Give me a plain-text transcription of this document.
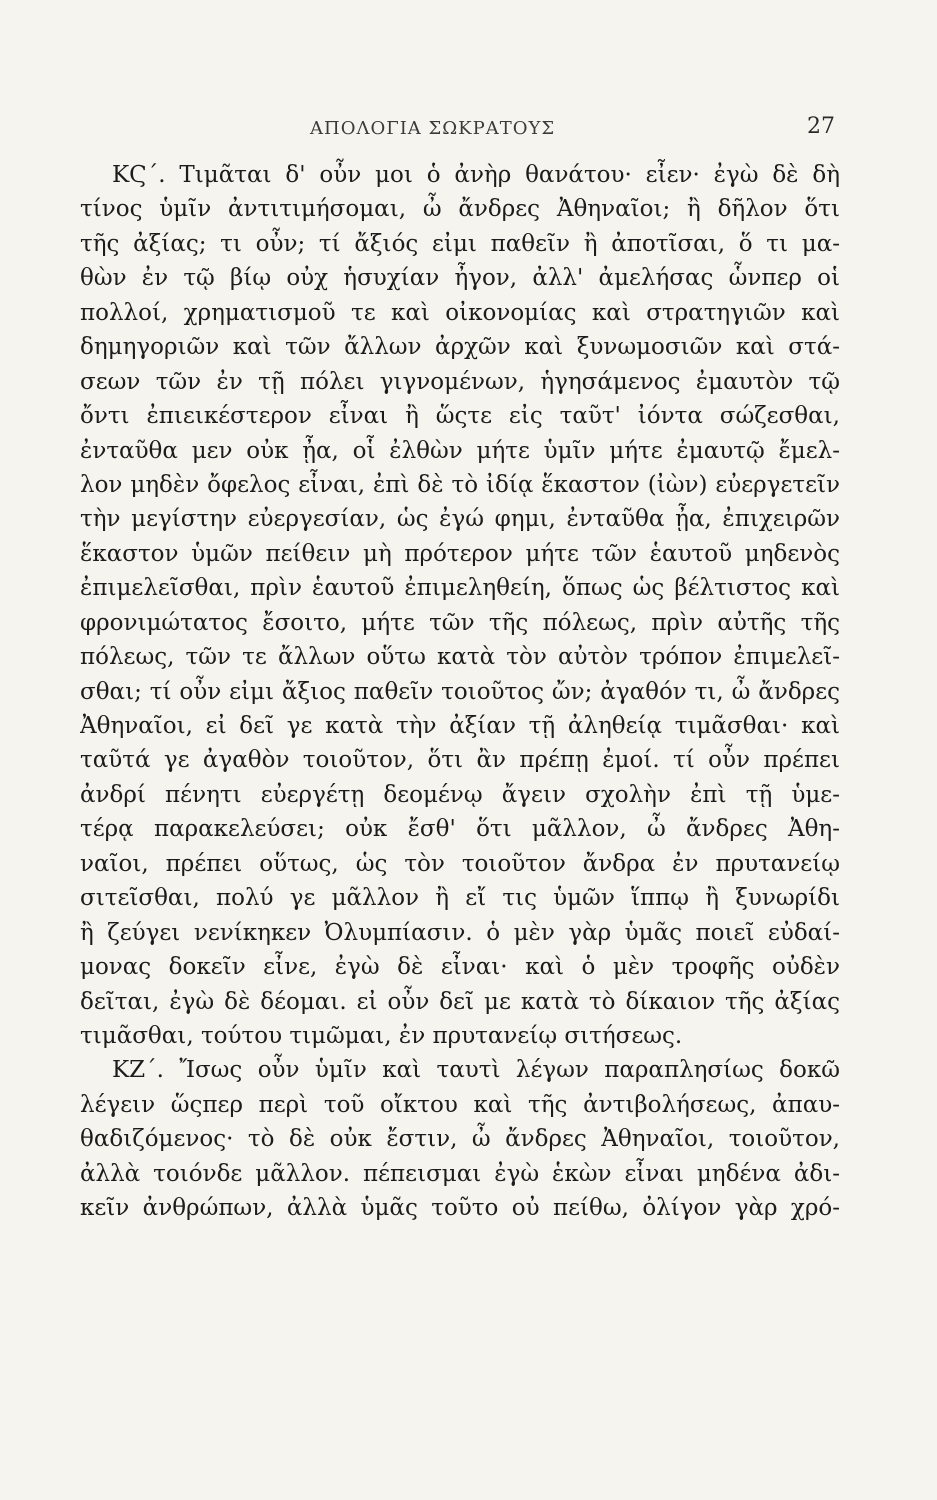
ΑΠΟΛΟΓΙΑ ΣΩΚΡΑΤΟΥΣ	27
ΚϚ΄. Τιμᾶται δ' οὖν μοι ὁ ἀνὴρ θανάτου· εἶεν· ἐγὼ δὲ δὴ
τίνος ὑμῖν ἀντιτιμήσομαι, ὦ ἄνδρες Ἀθηναῖοι; ἢ δῆλον ὅτι
τῆς ἀξίας; τι οὖν; τί ἄξιός εἰμι παθεῖν ἢ ἀποτῖσαι, ὅ τι μα-
θὼν ἐν τῷ βίῳ οὐχ ἡσυχίαν ἦγον, ἀλλ' ἀμελήσας ὧνπερ οἱ
πολλοί, χρηματισμοῦ τε καὶ οἰκονομίας καὶ στρατηγιῶν καὶ
δημηγοριῶν καὶ τῶν ἄλλων ἀρχῶν καὶ ξυνωμοσιῶν καὶ στά-
σεων τῶν ἐν τῇ πόλει γιγνομένων, ἡγησάμενος ἐμαυτὸν τῷ
ὄντι ἐπιεικέστερον εἶναι ἢ ὥςτε εἰς ταῦτ' ἰόντα σώζεσθαι,
ἐνταῦθα μεν οὐκ ᾖα, οἷ ἐλθὼν μήτε ὑμῖν μήτε ἐμαυτῷ ἔμελ-
λον μηδὲν ὄφελος εἶναι, ἐπὶ δὲ τὸ ἰδίᾳ ἕκαστον (ἰὼν) εὐεργετεῖν
τὴν μεγίστην εὐεργεσίαν, ὡς ἐγώ φημι, ἐνταῦθα ᾖα, ἐπιχειρῶν
ἕκαστον ὑμῶν πείθειν μὴ πρότερον μήτε τῶν ἑαυτοῦ μηδενὸς
ἐπιμελεῖσθαι, πρὶν ἑαυτοῦ ἐπιμεληθείη, ὅπως ὡς βέλτιστος καὶ
φρονιμώτατος ἔσοιτο, μήτε τῶν τῆς πόλεως, πρὶν αὐτῆς τῆς
πόλεως, τῶν τε ἄλλων οὕτω κατὰ τὸν αὐτὸν τρόπον ἐπιμελεῖ-
σθαι; τί οὖν εἰμι ἄξιος παθεῖν τοιοῦτος ὤν; ἀγαθόν τι, ὦ ἄνδρες
Ἀθηναῖοι, εἰ δεῖ γε κατὰ τὴν ἀξίαν τῇ ἀληθείᾳ τιμᾶσθαι· καὶ
ταῦτά γε ἀγαθὸν τοιοῦτον, ὅτι ἂν πρέπῃ ἐμοί. τί οὖν πρέπει
ἀνδρί πένητι εὐεργέτῃ δεομένῳ ἄγειν σχολὴν ἐπὶ τῇ ὑμε-
τέρᾳ παρακελεύσει; οὐκ ἔσθ' ὅτι μᾶλλον, ὦ ἄνδρες Ἀθη-
ναῖοι, πρέπει οὕτως, ὡς τὸν τοιοῦτον ἄνδρα ἐν πρυτανείῳ
σιτεῖσθαι, πολύ γε μᾶλλον ἢ εἴ τις ὑμῶν ἵππῳ ἢ ξυνωρίδι
ἢ ζεύγει νενίκηκεν Ὀλυμπίασιν. ὁ μὲν γὰρ ὑμᾶς ποιεῖ εὐδαί-
μονας δοκεῖν εἶνε, ἐγὼ δὲ εἶναι· καὶ ὁ μὲν τροφῆς οὐδὲν
δεῖται, ἐγὼ δὲ δέομαι. εἰ οὖν δεῖ με κατὰ τὸ δίκαιον τῆς ἀξίας
τιμᾶσθαι, τούτου τιμῶμαι, ἐν πρυτανείῳ σιτήσεως.
ΚΖ΄. Ἴσως οὖν ὑμῖν καὶ ταυτὶ λέγων παραπλησίως δοκῶ
λέγειν ὥςπερ περὶ τοῦ οἴκτου καὶ τῆς ἀντιβολήσεως, ἀπαυ-
θαδιζόμενος· τὸ δὲ οὐκ ἔστιν, ὦ ἄνδρες Ἀθηναῖοι, τοιοῦτον,
ἀλλὰ τοιόνδε μᾶλλον. πέπεισμαι ἐγὼ ἑκὼν εἶναι μηδένα ἀδι-
κεῖν ἀνθρώπων, ἀλλὰ ὑμᾶς τοῦτο οὐ πείθω, ὀλίγον γὰρ χρό-
